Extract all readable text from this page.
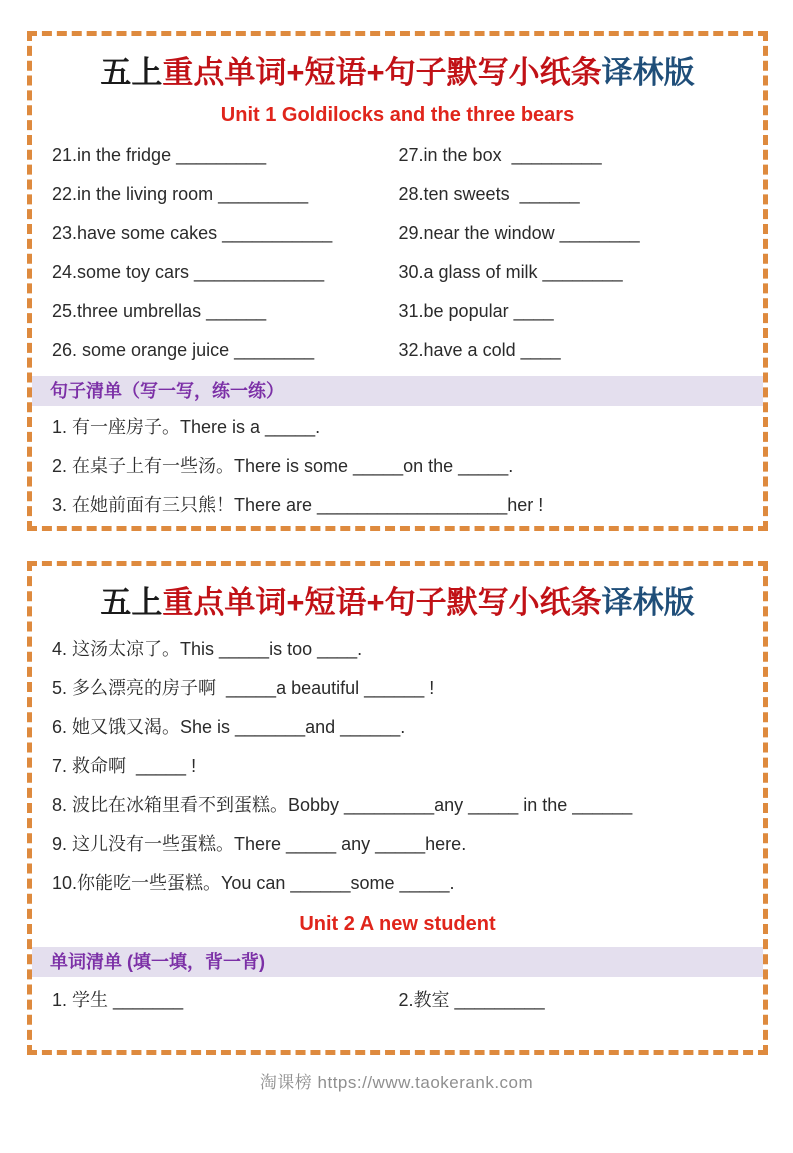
五上重点单词+短语+句子默写小纸条译林版
Unit 1 Goldilocks and the three bears
21.in the fridge _________	27.in the box  _________
22.in the living room _________	28.ten sweets  ______
23.have some cakes ___________	29.near the window ________
24.some toy cars _____________	30.a glass of milk ________
25.three umbrellas ______	31.be popular ____
26. some orange juice ________	32.have a cold ____
句子清单（写一写，练一练）
1. 有一座房子。There is a _____.
2. 在桌子上有一些汤。There is some _____on the _____.
3. 在她前面有三只熊！There are ___________________her !
五上重点单词+短语+句子默写小纸条译林版
4. 这汤太凉了。This _____is too ____.
5. 多么漂亮的房子啊  _____a beautiful ______ !
6. 她又饿又渴。She is _______and ______.
7. 救命啊  _____ !
8. 波比在冰箱里看不到蛋糕。Bobby _________any _____ in the ______
9. 这儿没有一些蛋糕。There _____ any _____here.
10.你能吃一些蛋糕。You can ______some _____.
Unit 2 A new student
单词清单 (填一填，背一背)
1. 学生 _______	2.教室 _________
淘课榜 https://www.taokerank.com
